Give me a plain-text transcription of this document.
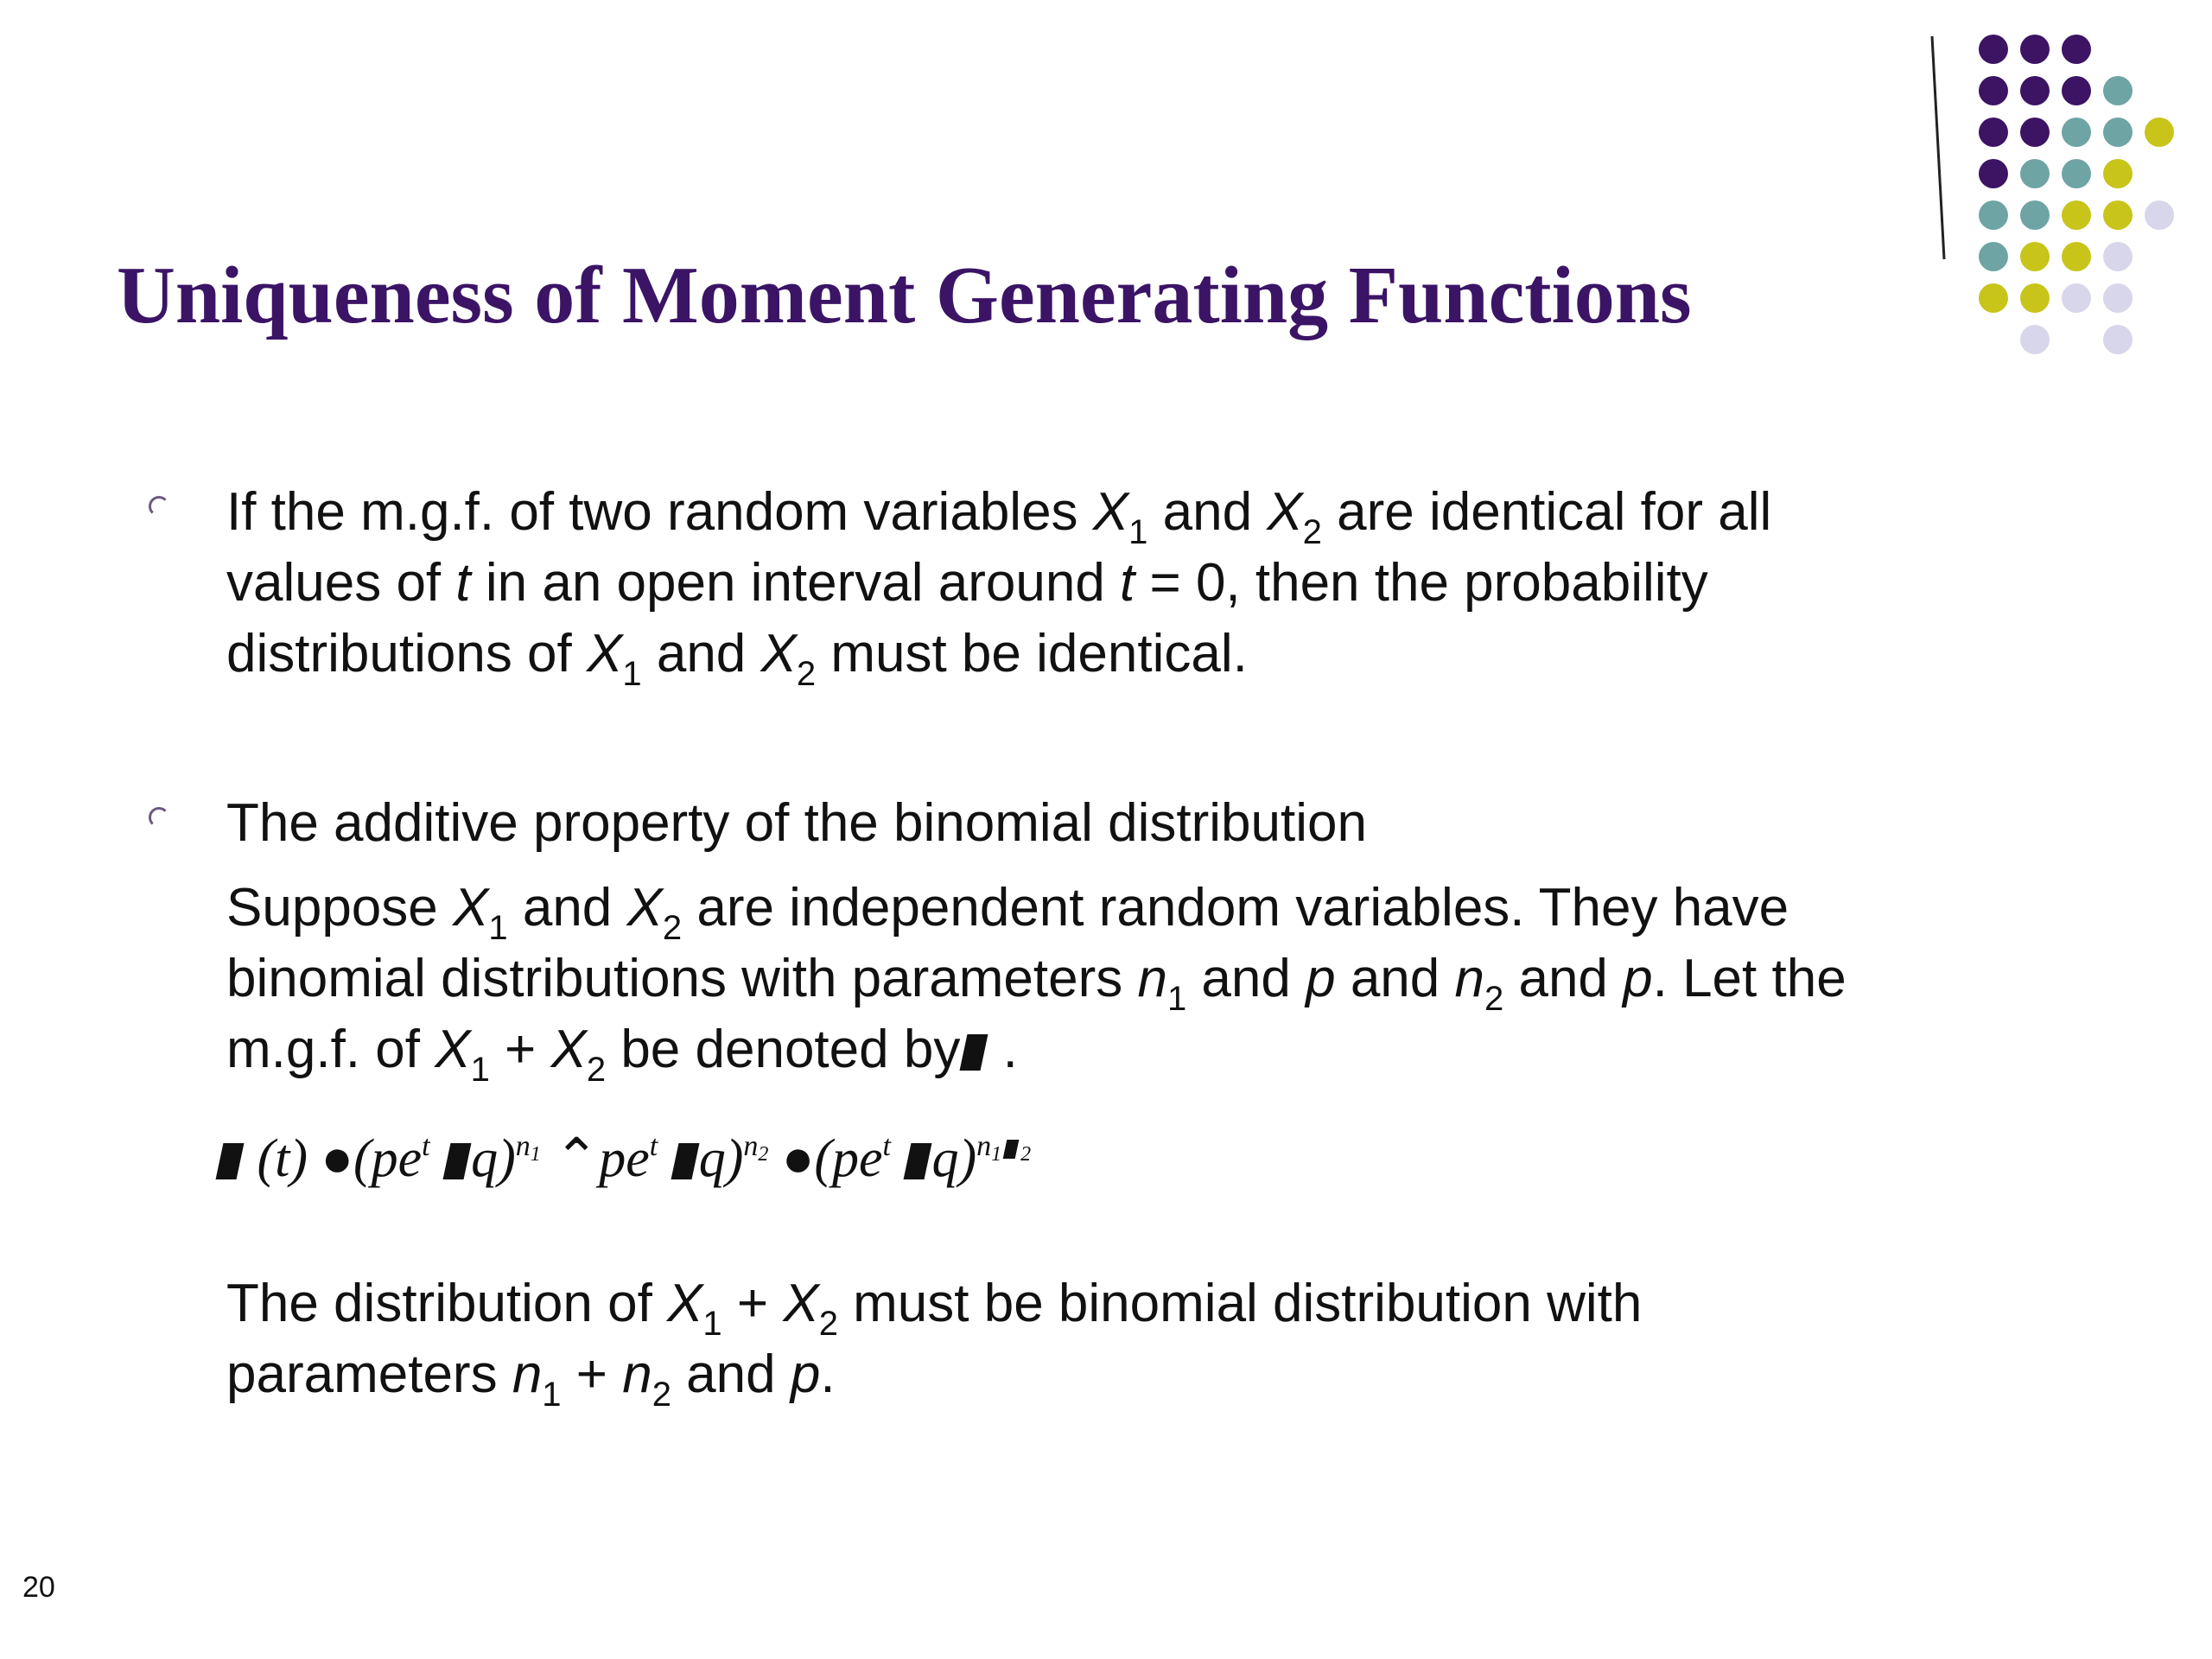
Uniqueness of Moment Generating Functions

If the m.g.f. of two random variables $X_1$ and $X_2$ are identical for all
values of t in an open interval around t = 0, then the probability
distributions of $X_1$ and $X_2$ must be identical.

The additive property of the binomial distribution

Suppose $X_1$ and $X_2$ are independent random variables. They have
binomial distributions with parameters $n_1$ and p and $n_2$ and p. Let the
m.g.f. of $X_1 + X_2$ be denoted by .

(t) $●(pe^t$ q)$^{n_1}$ $⌃pe^t$ q)$^{n_2}$ $●(pe^t$ q)$^{n_1 _2}$

The distribution of $X_1 + X_2$ must be binomial distribution with
parameters $n_1 + n_2$ and p.

20
